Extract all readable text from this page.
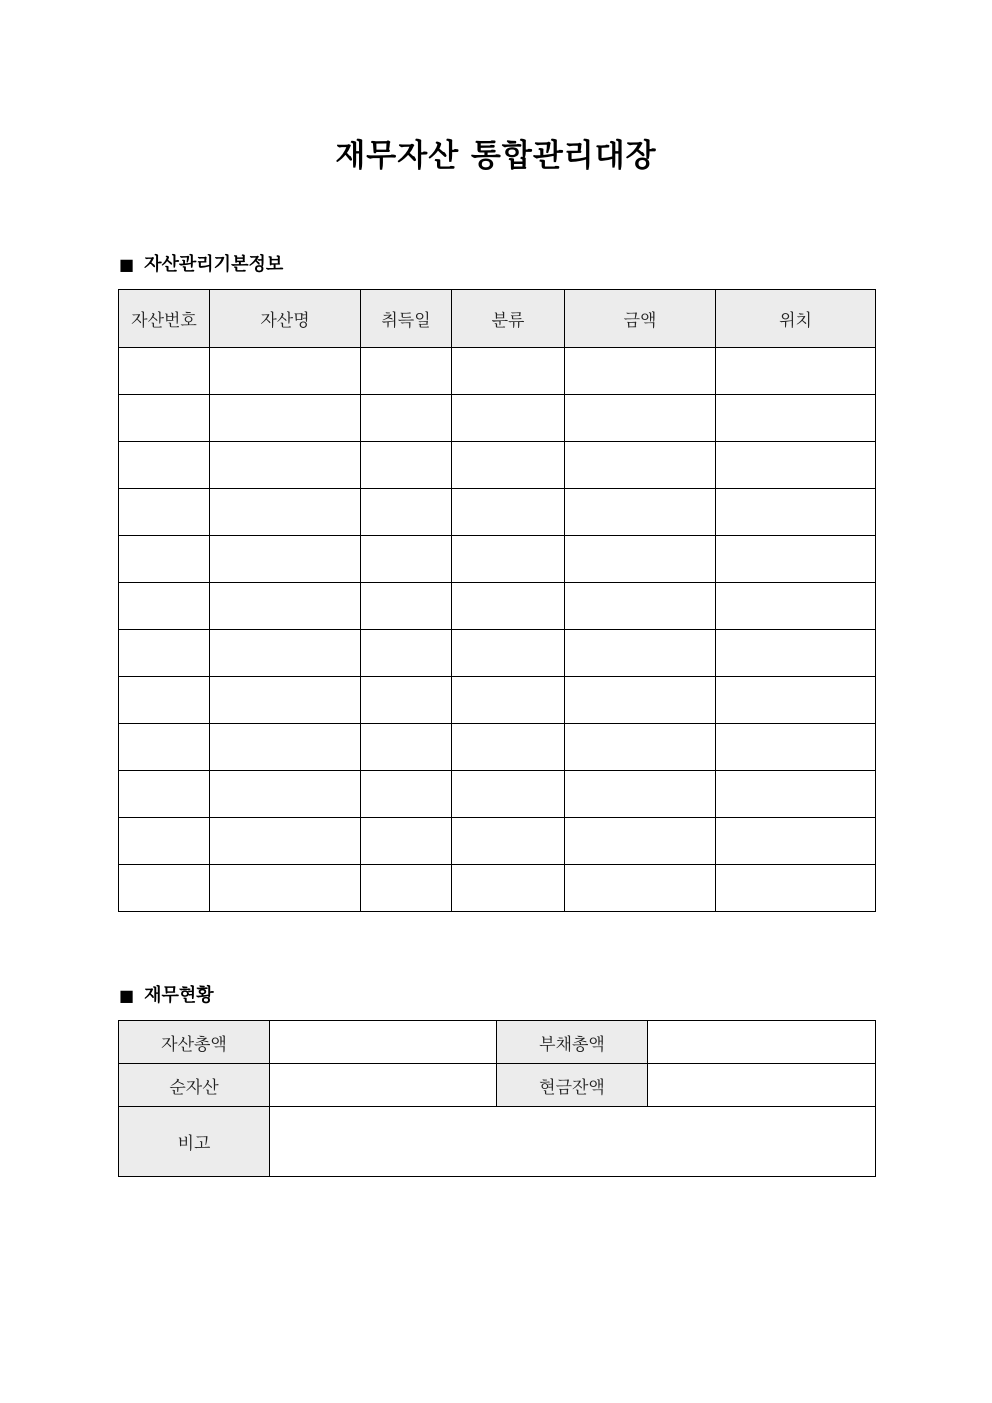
재무자산 통합관리대장
■ 자산관리기본정보
자산번호	자산명	취득일	분류	금액	위치

■ 재무현황
자산총액		부채총액	
순자산		현금잔액	
비고			
